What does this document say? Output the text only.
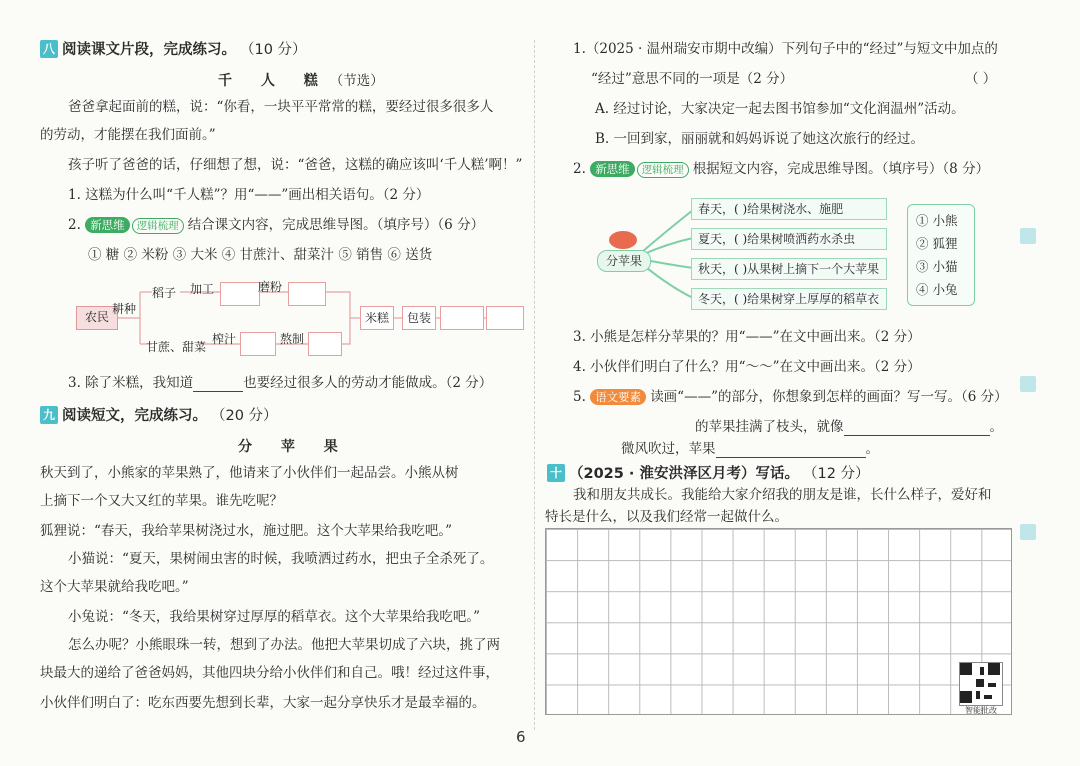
八 阅读课文片段，完成练习。 （10 分）
千 人 糕（节选）
爸爸拿起面前的糕，说：“你看，一块平平常常的糕，要经过很多很多人
的劳动，才能摆在我们面前。”
孩子听了爸爸的话，仔细想了想，说：“爸爸，这糕的确应该叫‘千人糕’啊！”
1. 这糕为什么叫“千人糕”？用“——”画出相关语句。（2 分）
2. 新思维 逻辑梳理 结合课文内容，完成思维导图。（填序号）（6 分）
① 糖 ② 米粉 ③ 大米 ④ 甘蔗汁、甜菜汁 ⑤ 销售 ⑥ 送货
农民
耕种
稻子 加工	磨粉
甘蔗、甜菜
榨汁	熬制
米糕	包装
3. 除了米糕，我知道	也要经过很多人的劳动才能做成。（2 分）
九 阅读短文，完成练习。 （20 分）
分 苹 果
秋天到了，小熊家的苹果熟了，他请来了小伙伴们一起品尝。小熊从树
上摘下一个又大又红的苹果。谁先吃呢？
狐狸说：“春天，我给苹果树浇过水，施过肥。这个大苹果给我吃吧。”
小猫说：“夏天，果树闹虫害的时候，我喷洒过药水，把虫子全杀死了。
这个大苹果就给我吃吧。”
小兔说：“冬天，我给果树穿过厚厚的稻草衣。这个大苹果给我吃吧。”
怎么办呢？小熊眼珠一转，想到了办法。他把大苹果切成了六块，挑了两
块最大的递给了爸爸妈妈，其他四块分给小伙伴们和自己。哦！经过这件事，
小伙伴们明白了：吃东西要先想到长辈，大家一起分享快乐才是最幸福的。
1.（2025 · 温州瑞安市期中改编）下列句子中的“经过”与短文中加点的
“经过”意思不同的一项是（2 分）	（ ）
A. 经过讨论，大家决定一起去图书馆参加“文化润温州”活动。
B. 一回到家，丽丽就和妈妈诉说了她这次旅行的经过。
2. 新思维 逻辑梳理 根据短文内容，完成思维导图。（填序号）（8 分）
分苹果
春天，( )给果树浇水、施肥
夏天，( )给果树喷洒药水杀虫
秋天，( )从果树上摘下一个大苹果
冬天，( )给果树穿上厚厚的稻草衣
① 小熊
② 狐狸
③ 小猫
④ 小兔
3. 小熊是怎样分苹果的？用“——”在文中画出来。（2 分）
4. 小伙伴们明白了什么？用“～～”在文中画出来。（2 分）
5. 语文要素 读画“——”的部分，你想象到怎样的画面？写一写。（6 分）
的苹果挂满了枝头，就像	。
微风吹过，苹果	。
十 （2025 · 淮安洪泽区月考）写话。 （12 分）
我和朋友共成长。我能给大家介绍我的朋友是谁，长什么样子，爱好和
特长是什么，以及我们经常一起做什么。
智能批改
6
